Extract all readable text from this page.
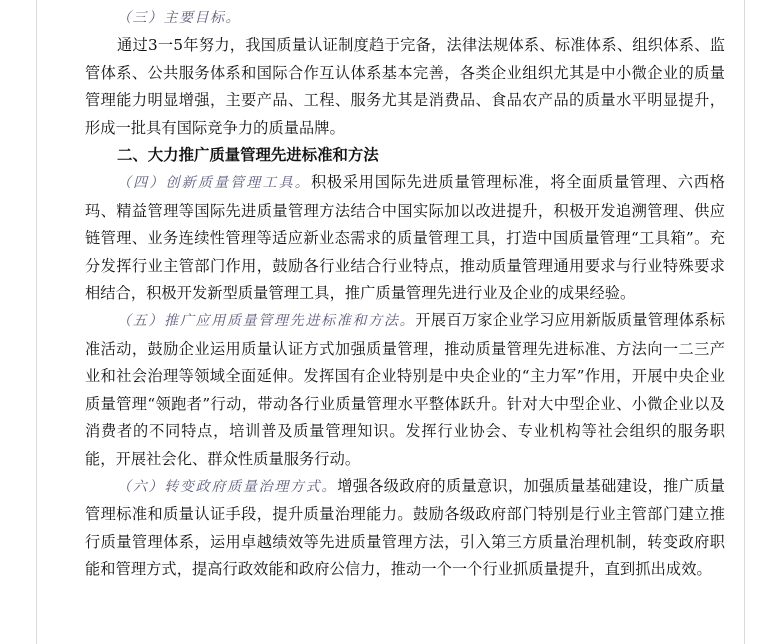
（三）主要目标。

通过3一5年努力，我国质量认证制度趋于完备，法律法规体系、标准体系、组织体系、监管体系、公共服务体系和国际合作互认体系基本完善，各类企业组织尤其是中小微企业的质量管理能力明显增强，主要产品、工程、服务尤其是消费品、食品农产品的质量水平明显提升，形成一批具有国际竞争力的质量品牌。

二、大力推广质量管理先进标准和方法

（四）创新质量管理工具。积极采用国际先进质量管理标准，将全面质量管理、六西格玛、精益管理等国际先进质量管理方法结合中国实际加以改进提升，积极开发追溯管理、供应链管理、业务连续性管理等适应新业态需求的质量管理工具，打造中国质量管理“工具箱”。充分发挥行业主管部门作用，鼓励各行业结合行业特点，推动质量管理通用要求与行业特殊要求相结合，积极开发新型质量管理工具，推广质量管理先进行业及企业的成果经验。

（五）推广应用质量管理先进标准和方法。开展百万家企业学习应用新版质量管理体系标准活动，鼓励企业运用质量认证方式加强质量管理，推动质量管理先进标准、方法向一二三产业和社会治理等领域全面延伸。发挥国有企业特别是中央企业的“主力军”作用，开展中央企业质量管理“领跑者”行动，带动各行业质量管理水平整体跃升。针对大中型企业、小微企业以及消费者的不同特点，培训普及质量管理知识。发挥行业协会、专业机构等社会组织的服务职能，开展社会化、群众性质量服务行动。

（六）转变政府质量治理方式。增强各级政府的质量意识，加强质量基础建设，推广质量管理标准和质量认证手段，提升质量治理能力。鼓励各级政府部门特别是行业主管部门建立推行质量管理体系，运用卓越绩效等先进质量管理方法，引入第三方质量治理机制，转变政府职能和管理方式，提高行政效能和政府公信力，推动一个一个行业抓质量提升，直到抓出成效。
